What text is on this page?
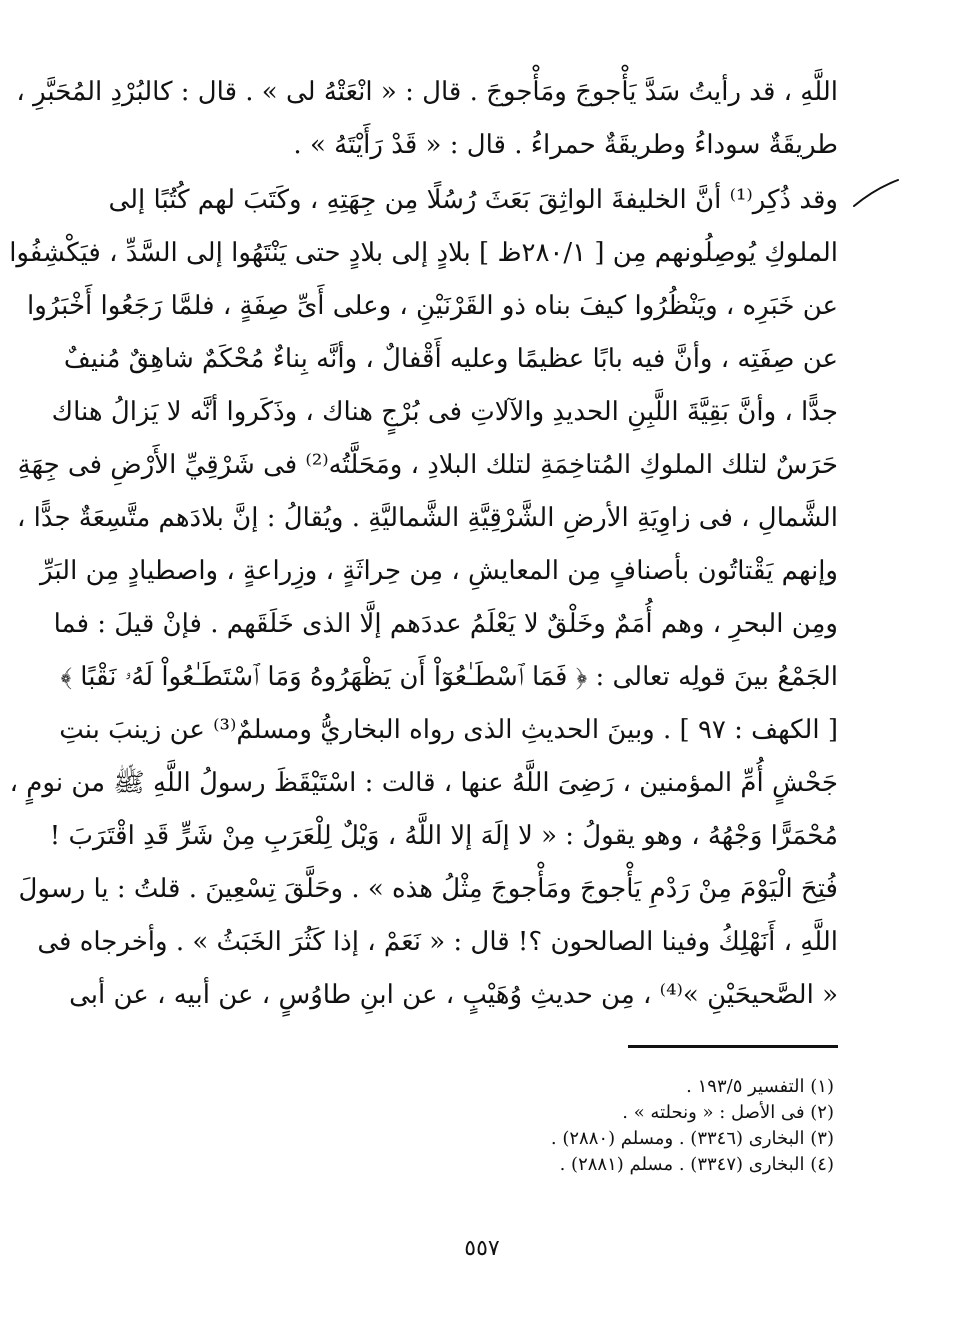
اللَّهِ ، قد رأيتُ سَدَّ يَأْجوجَ ومَأْجوجَ . قال : « انْعَتْهُ لى » . قال : كالبُرْدِ المُحَبَّرِ ،
طريقَةٌ سوداءُ وطريقَةٌ حمراءُ . قال : « قَدْ رَأَيْتَهُ » .
وقد ذُكِر⁽¹⁾ أنَّ الخليفةَ الواثِقَ بَعَثَ رُسُلًا مِن جِهَتِهِ ، وكَتَبَ لهم كُتُبًا إلى
الملوكِ يُوصِلُونهم مِن [ ٢٨٠/١ظ ] بلادٍ إلى بلادٍ حتى يَنْتَهُوا إلى السَّدِّ ، فيَكْشِفُوا
عن خَبَرِه ، ويَنْظُرُوا كيفَ بناه ذو القَرْنَيْنِ ، وعلى أَىِّ صِفَةٍ ، فلمَّا رَجَعُوا أَخْبَرُوا
عن صِفَتِه ، وأنَّ فيه بابًا عظيمًا وعليه أَقْفالٌ ، وأنَّه بِناءٌ مُحْكَمٌ شاهِقٌ مُنيفٌ
جدًّا ، وأنَّ بَقِيَّةَ اللَّبِنِ الحديدِ والآلاتِ فى بُرْجٍ هناك ، وذَكَروا أنَّه لا يَزالُ هناك
حَرَسٌ لتلك الملوكِ المُتاخِمَةِ لتلك البلادِ ، ومَحَلَّتُه⁽²⁾ فى شَرْقِيِّ الأَرْضِ فى جِهَةِ
الشَّمالِ ، فى زاوِيَةِ الأرضِ الشَّرْقِيَّةِ الشَّماليَّةِ . ويُقالُ : إنَّ بلادَهم متَّسِعَةٌ جدًّا ،
وإنهم يَقْتاتُون بأصنافٍ مِن المعايشِ ، مِن حِراثَةٍ ، وزِراعةٍ ، واصطيادٍ مِن البَرِّ
ومِن البحرِ ، وهم أُمَمٌ وخَلْقٌ لا يَعْلَمُ عددَهم إلَّا الذى خَلَقَهم . فإنْ قيلَ : فما
الجَمْعُ بينَ قولِه تعالى : ﴿ فَمَا ٱسْطَـٰعُوٓاْ أَن يَظْهَرُوهُ وَمَا ٱسْتَطَـٰعُواْ لَهُۥ نَقْبًا ﴾
[ الكهف : ٩٧ ] . وبينَ الحديثِ الذى رواه البخاريُّ ومسلمٌ⁽³⁾ عن زينبَ بنتِ
جَحْشٍ أُمِّ المؤمنين ، رَضِىَ اللَّهُ عنها ، قالت : اسْتَيْقَظَ رسولُ اللَّهِ ﷺ من نومٍ ،
مُحْمَرًّا وَجْهُهُ ، وهو يقولُ : « لا إلَهَ إلا اللَّهُ ، وَيْلٌ لِلْعَرَبِ مِنْ شَرٍّ قَدِ اقْتَرَبَ !
فُتِحَ الْيَوْمَ مِنْ رَدْمِ يَأْجوجَ ومَأْجوجَ مِثْلُ هذه » . وحَلَّقَ تِسْعِينَ . قلتُ : يا رسولَ
اللَّهِ ، أَنَهْلِكُ وفينا الصالحون ؟! قال : « نَعَمْ ، إذا كَثُرَ الخَبَثُ » . وأخرجاه فى
« الصَّحيحَيْنِ »⁽⁴⁾ ، مِن حديثِ وُهَيْبٍ ، عن ابنِ طاوُسٍ ، عن أبيه ، عن أبى
(١) التفسير ١٩٣/٥ .
(٢) فى الأصل : « ونحلته » .
(٣) البخارى (٣٣٤٦) . ومسلم (٢٨٨٠) .
(٤) البخارى (٣٣٤٧) . مسلم (٢٨٨١) .
٥٥٧
